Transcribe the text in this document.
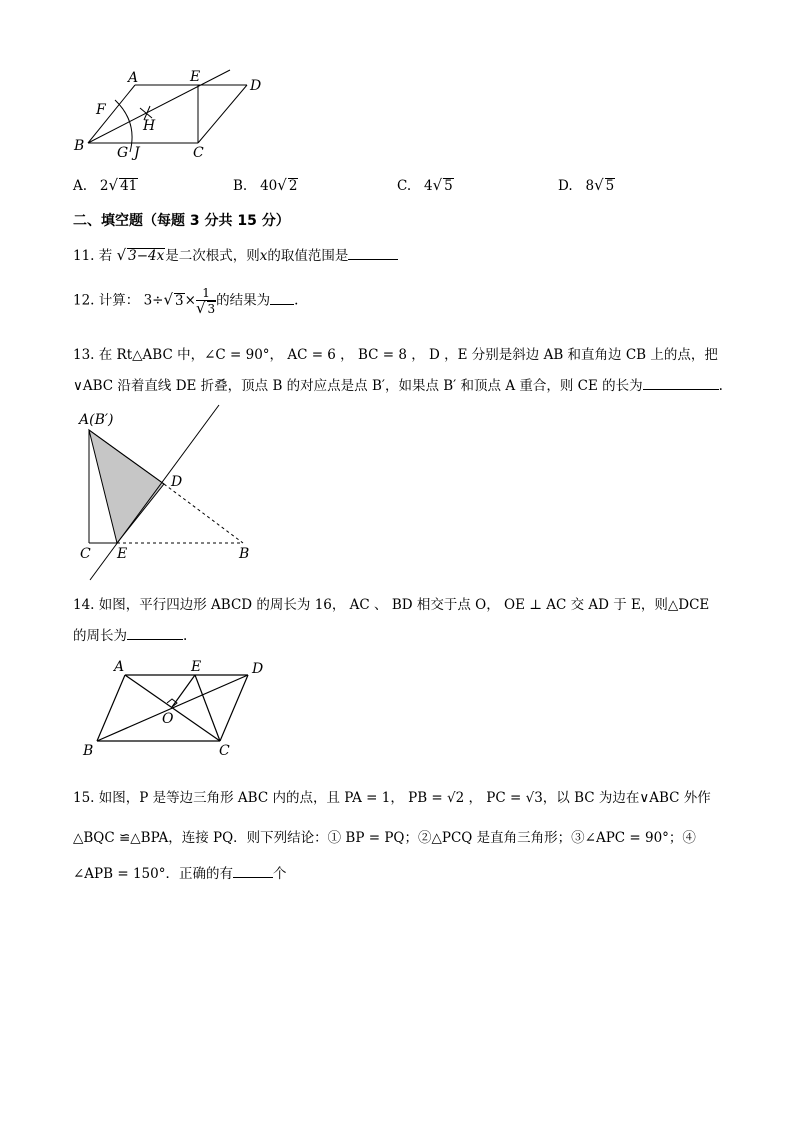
A	E
D
F
H
B G J	C
A. 2√ 41	B. 40√ 2	C. 4√ 5	D. 8√ 5
二、填空题（每题 3 分共 15 分）
11. 若 √ 3−4x是二次根式，则x的取值范围是
12. 计算： 3÷√ $3\times \frac{1}{√ 3}$ 的结果为 .
13. 在 Rt△ABC 中，∠C = 90°， AC = 6 ， BC = 8 ， D ，E 分别是斜边 AB 和直角边 CB 上的点，把
∨ABC 沿着直线 DE 折叠，顶点 B 的对应点是点 B′，如果点 B′ 和顶点 A 重合，则 CE 的长为	.
A(B′)
D
C E	B
14. 如图，平行四边形 ABCD 的周长为 16， AC 、 BD 相交于点 O， OE ⊥ AC 交 AD 于 E，则△DCE
的周长为	.
A	E	D
O
B	C
15. 如图，P 是等边三角形 ABC 内的点，且 PA = 1， PB = √2 ， PC = √3，以 BC 为边在∨ABC 外作
△BQC ≌△BPA，连接 PQ．则下列结论：① BP = PQ；②△PCQ 是直角三角形；③∠APC = 90°；④
∠APB = 150°．正确的有	个
